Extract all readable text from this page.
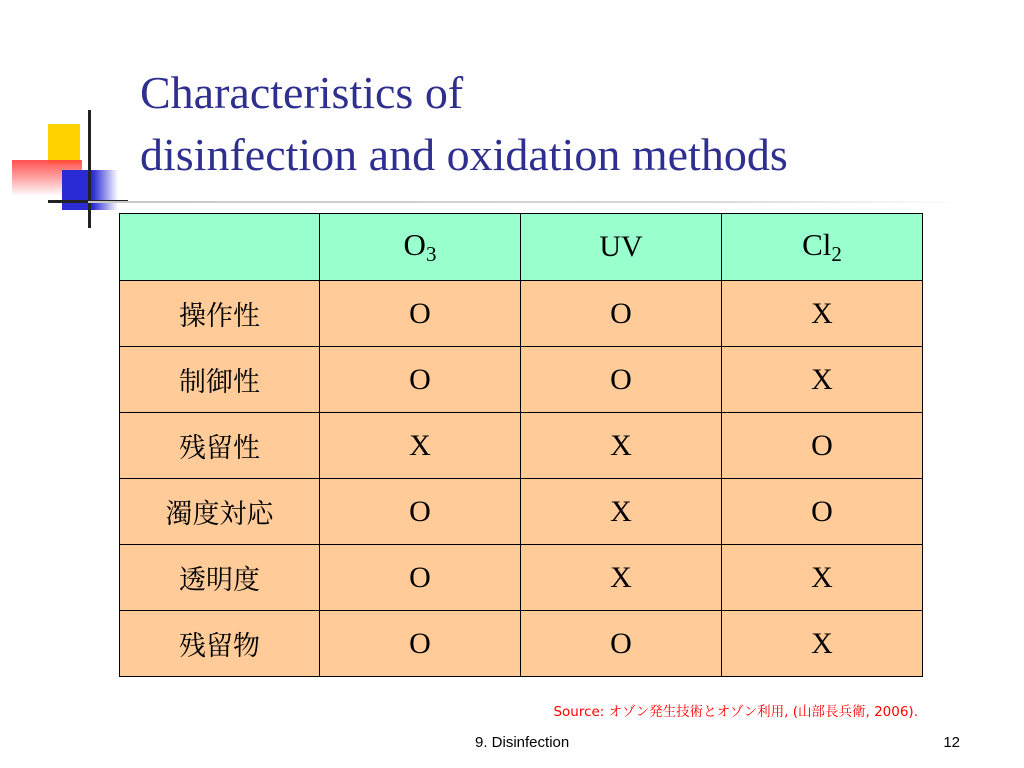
Characteristics of
disinfection and oxidation methods
	$O_3$	UV	$Cl_2$
操作性	O	O	X
制御性	O	O	X
残留性	X	X	O
濁度対応	O	X	O
透明度	O	X	X
残留物	O	O	X
Source: オゾン発生技術とオゾン利用, (山部長兵衛, 2006).
9. Disinfection	12
